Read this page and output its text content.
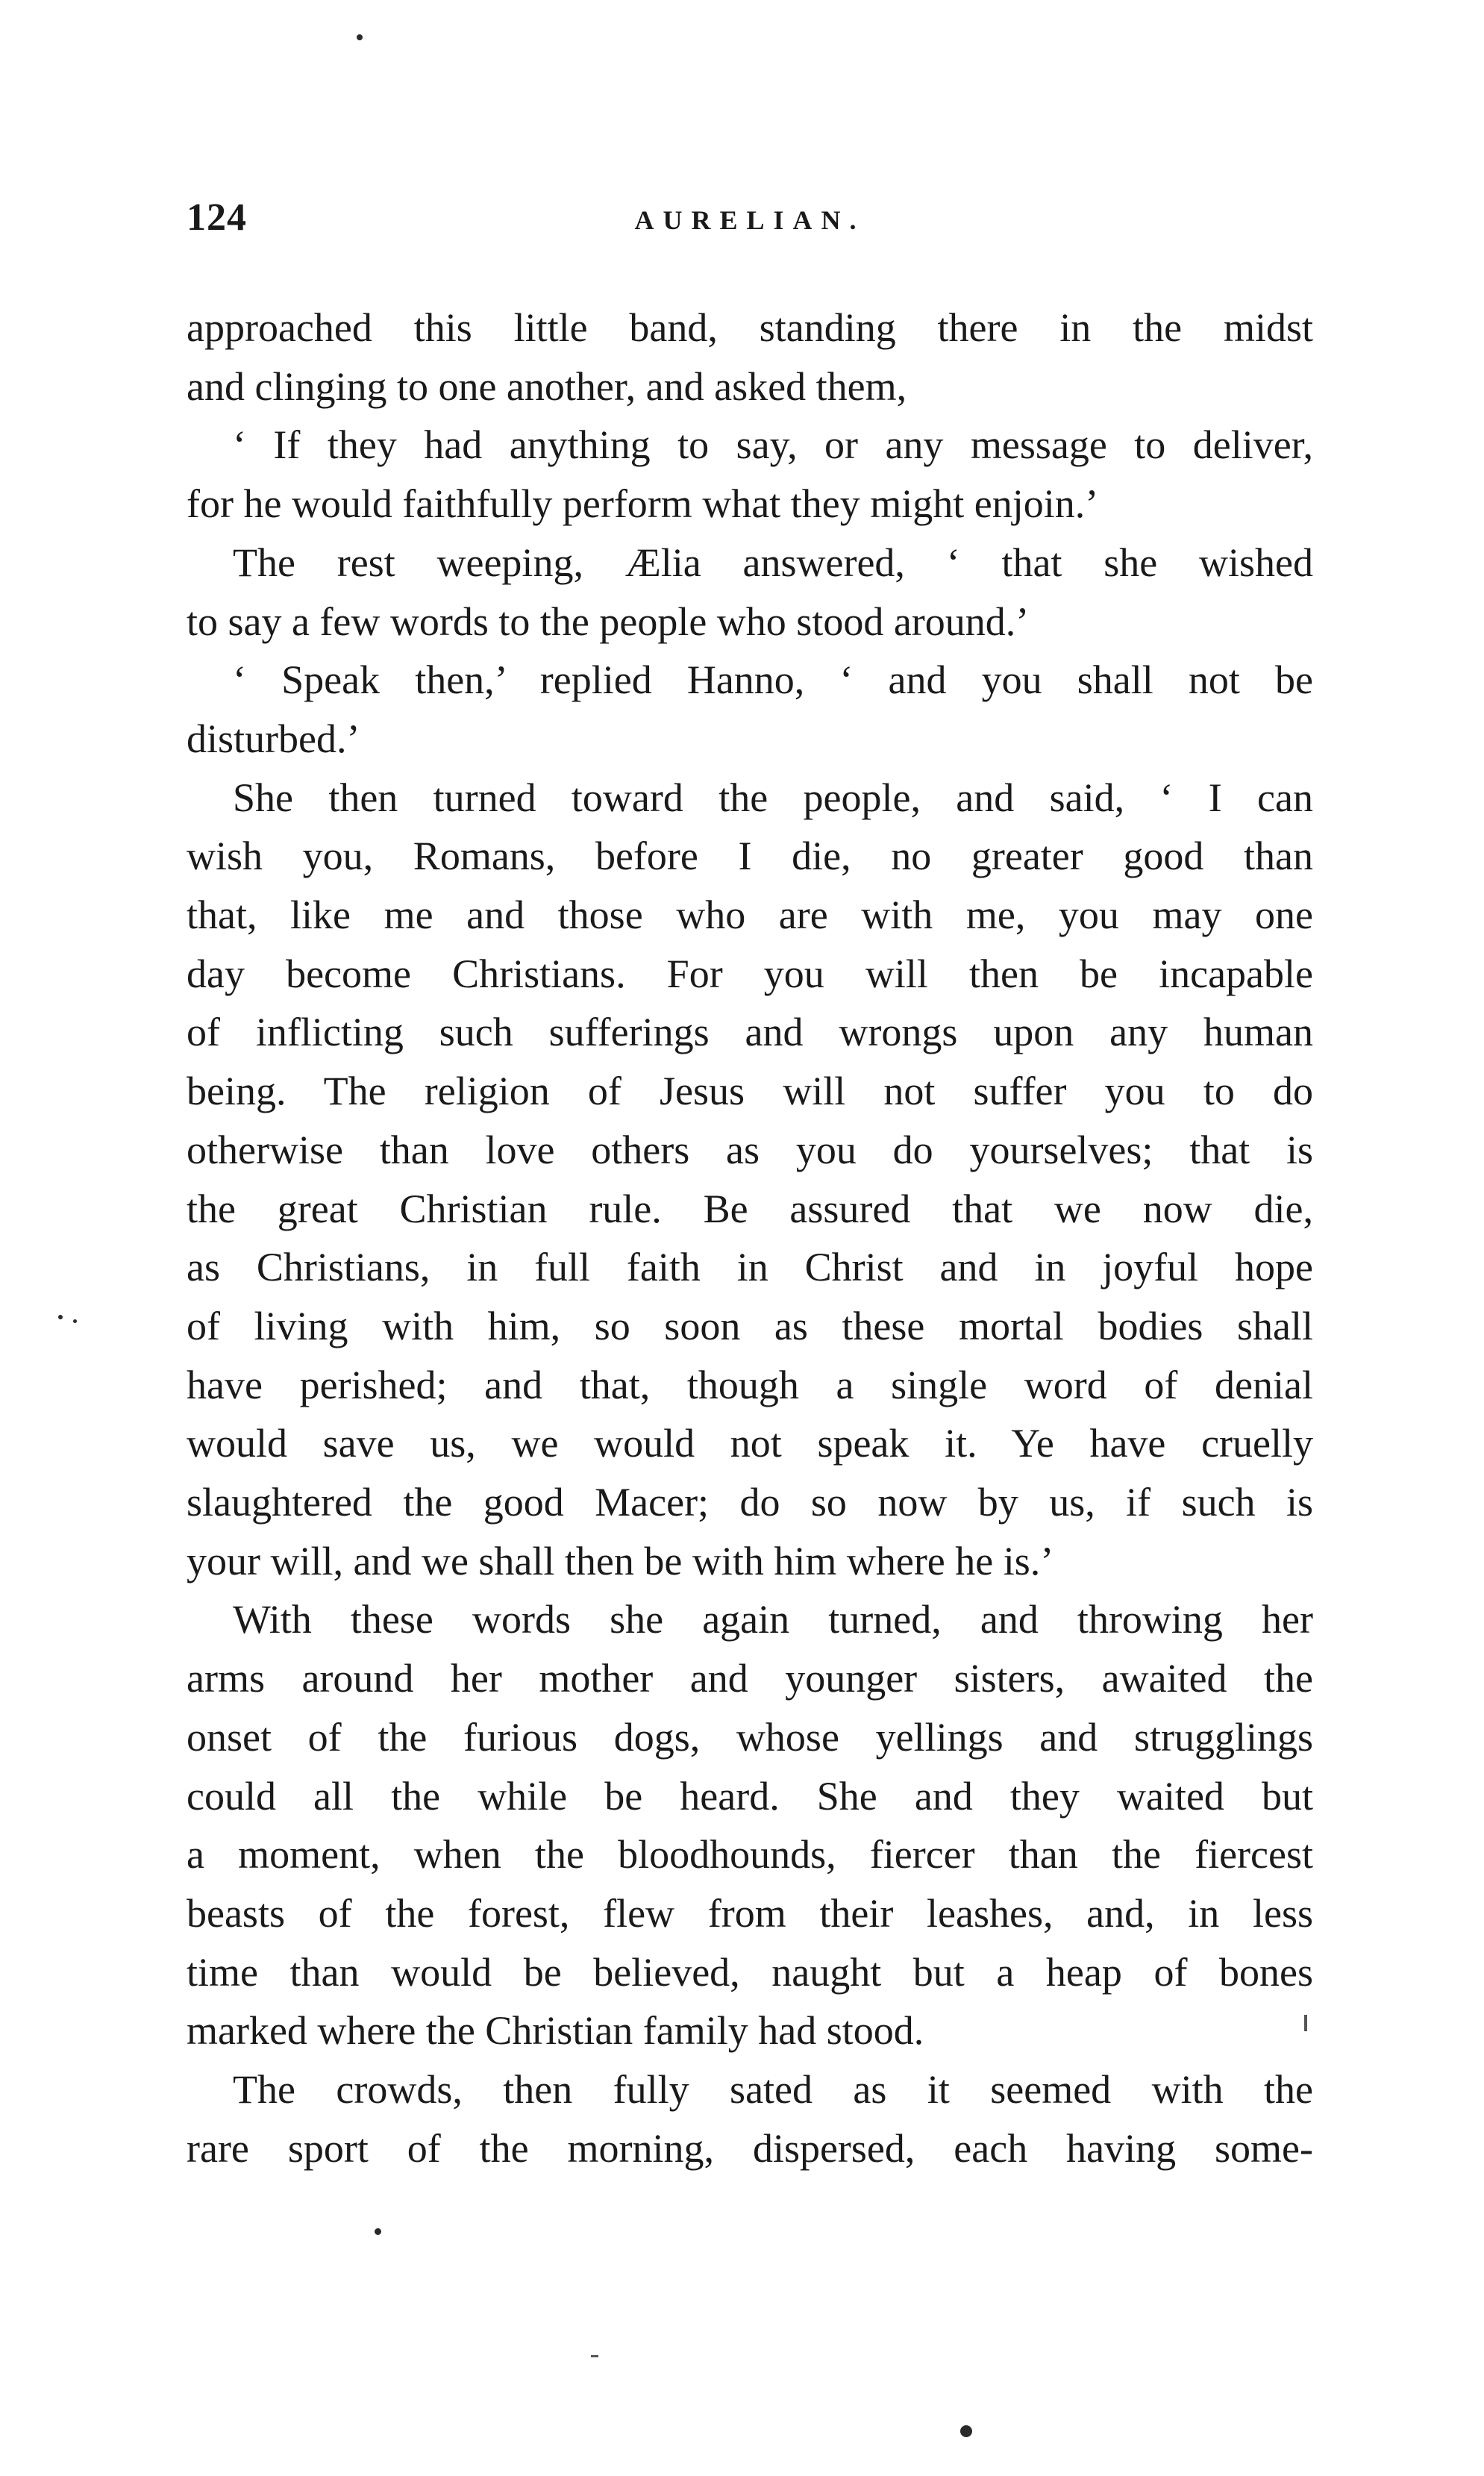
124	AURELIAN.
approached this little band, standing there in the midst
and clinging to one another, and asked them,
‘ If they had anything to say, or any message to deliver,
for he would faithfully perform what they might enjoin.’
The rest weeping, Ælia answered, ‘ that she wished
to say a few words to the people who stood around.’
‘ Speak then,’ replied Hanno, ‘ and you shall not be
disturbed.’
She then turned toward the people, and said, ‘ I can
wish you, Romans, before I die, no greater good than
that, like me and those who are with me, you may one
day become Christians. For you will then be incapable
of inflicting such sufferings and wrongs upon any human
being. The religion of Jesus will not suffer you to do
otherwise than love others as you do yourselves; that is
the great Christian rule. Be assured that we now die,
as Christians, in full faith in Christ and in joyful hope
of living with him, so soon as these mortal bodies shall
have perished; and that, though a single word of denial
would save us, we would not speak it. Ye have cruelly
slaughtered the good Macer; do so now by us, if such is
your will, and we shall then be with him where he is.’
With these words she again turned, and throwing her
arms around her mother and younger sisters, awaited the
onset of the furious dogs, whose yellings and strugglings
could all the while be heard. She and they waited but
a moment, when the bloodhounds, fiercer than the fiercest
beasts of the forest, flew from their leashes, and, in less
time than would be believed, naught but a heap of bones
marked where the Christian family had stood.
The crowds, then fully sated as it seemed with the
rare sport of the morning, dispersed, each having some-
